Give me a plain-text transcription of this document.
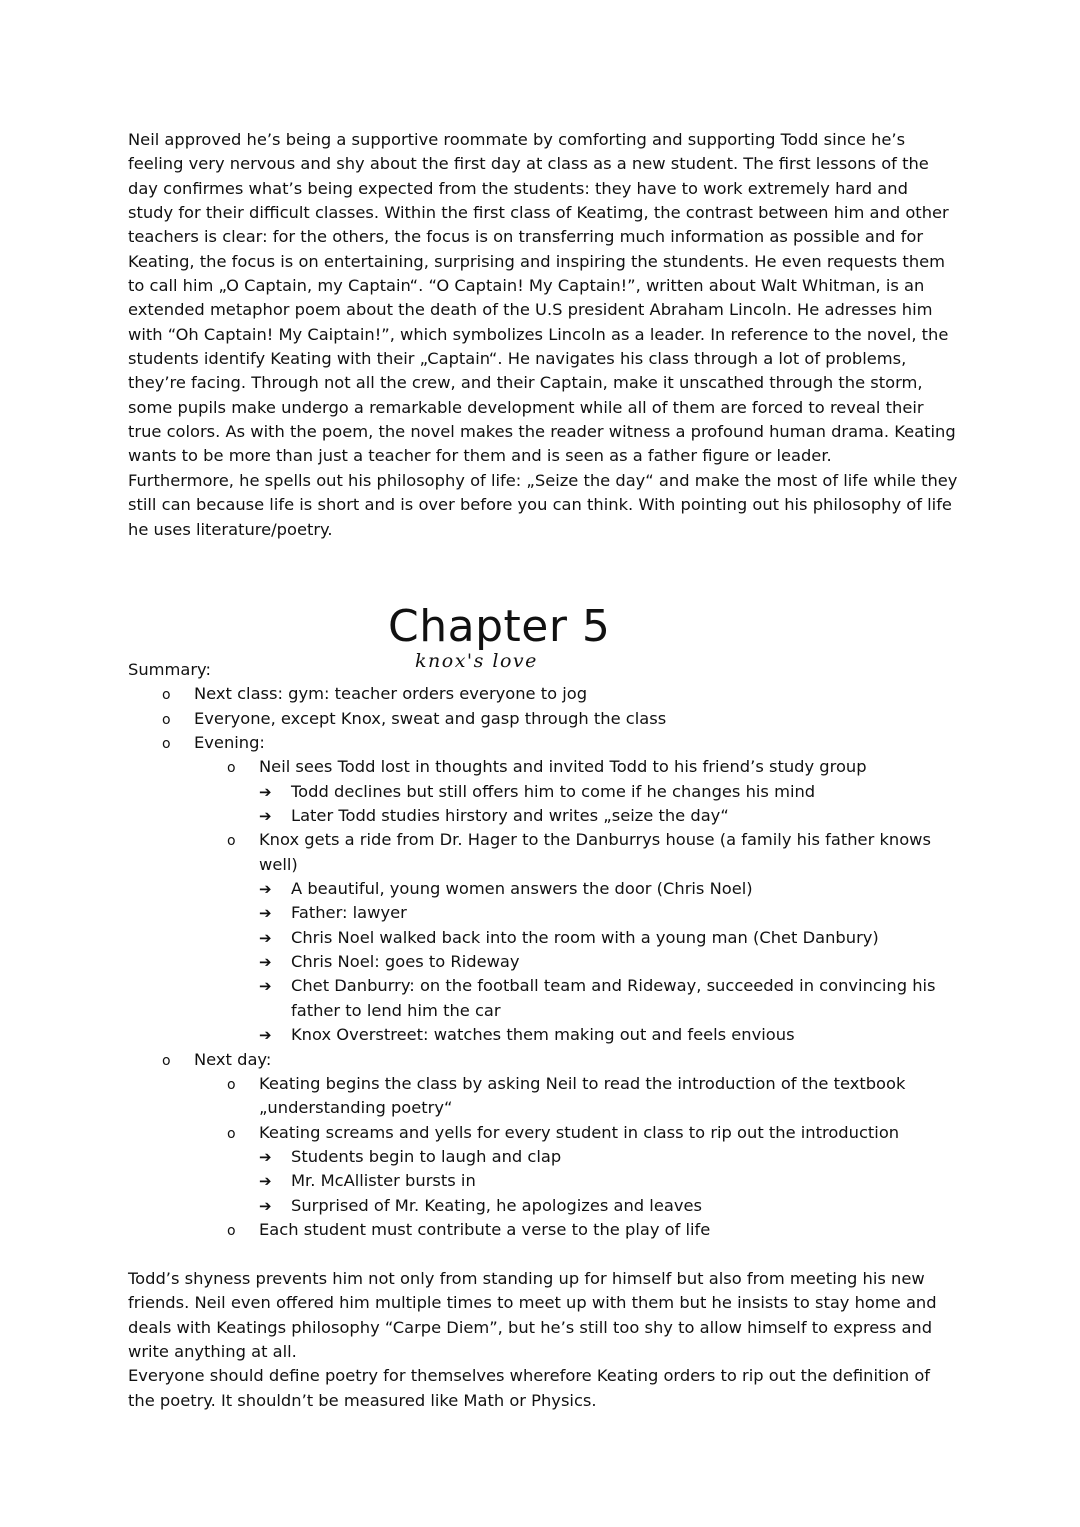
Neil approved he’s being a supportive roommate by comforting and supporting Todd since he’s feeling very nervous and shy about the first day at class as a new student. The first lessons of the day confirmes what’s being expected from the students: they have to work extremely hard and study for their difficult classes. Within the first class of Keatimg, the contrast between him and other teachers is clear: for the others, the focus is on transferring much information as possible and for Keating, the focus is on entertaining, surprising and inspiring the stundents. He even requests them to call him „O Captain, my Captain“. “O Captain! My Captain!”, written about Walt Whitman, is an extended metaphor poem about the death of the U.S president Abraham Lincoln. He adresses him with “Oh Captain! My Caiptain!”, which symbolizes Lincoln as a leader. In reference to the novel, the students identify Keating with their „Captain“. He navigates his class through a lot of problems, they’re facing. Through not all the crew, and their Captain, make it unscathed through the storm, some pupils make undergo a remarkable development while all of them are forced to reveal their true colors. As with the poem, the novel makes the reader witness a profound human drama. Keating wants to be more than just a teacher for them and is seen as a father figure or leader.

Furthermore, he spells out his philosophy of life: „Seize the day“ and make the most of life while they still can because life is short and is over before you can think. With pointing out his philosophy of life he uses literature/poetry.

Chapter 5
knox's love
Summary:
o Next class: gym: teacher orders everyone to jog
o Everyone, except Knox, sweat and gasp through the class
o Evening:
o Neil sees Todd lost in thoughts and invited Todd to his friend’s study group
➔ Todd declines but still offers him to come if he changes his mind
➔ Later Todd studies hirstory and writes „seize the day“
o Knox gets a ride from Dr. Hager to the Danburrys house (a family his father knows
well)
➔ A beautiful, young women answers the door (Chris Noel)
➔ Father: lawyer
➔ Chris Noel walked back into the room with a young man (Chet Danbury)
➔ Chris Noel: goes to Rideway
➔ Chet Danburry: on the football team and Rideway, succeeded in convincing his
father to lend him the car
➔ Knox Overstreet: watches them making out and feels envious
o Next day:
o Keating begins the class by asking Neil to read the introduction of the textbook
„understanding poetry“
o Keating screams and yells for every student in class to rip out the introduction
➔ Students begin to laugh and clap
➔ Mr. McAllister bursts in
➔ Surprised of Mr. Keating, he apologizes and leaves
o Each student must contribute a verse to the play of life

Todd’s shyness prevents him not only from standing up for himself but also from meeting his new friends. Neil even offered him multiple times to meet up with them but he insists to stay home and deals with Keatings philosophy “Carpe Diem”, but he’s still too shy to allow himself to express and write anything at all.

Everyone should define poetry for themselves wherefore Keating orders to rip out the definition of the poetry. It shouldn’t be measured like Math or Physics.
